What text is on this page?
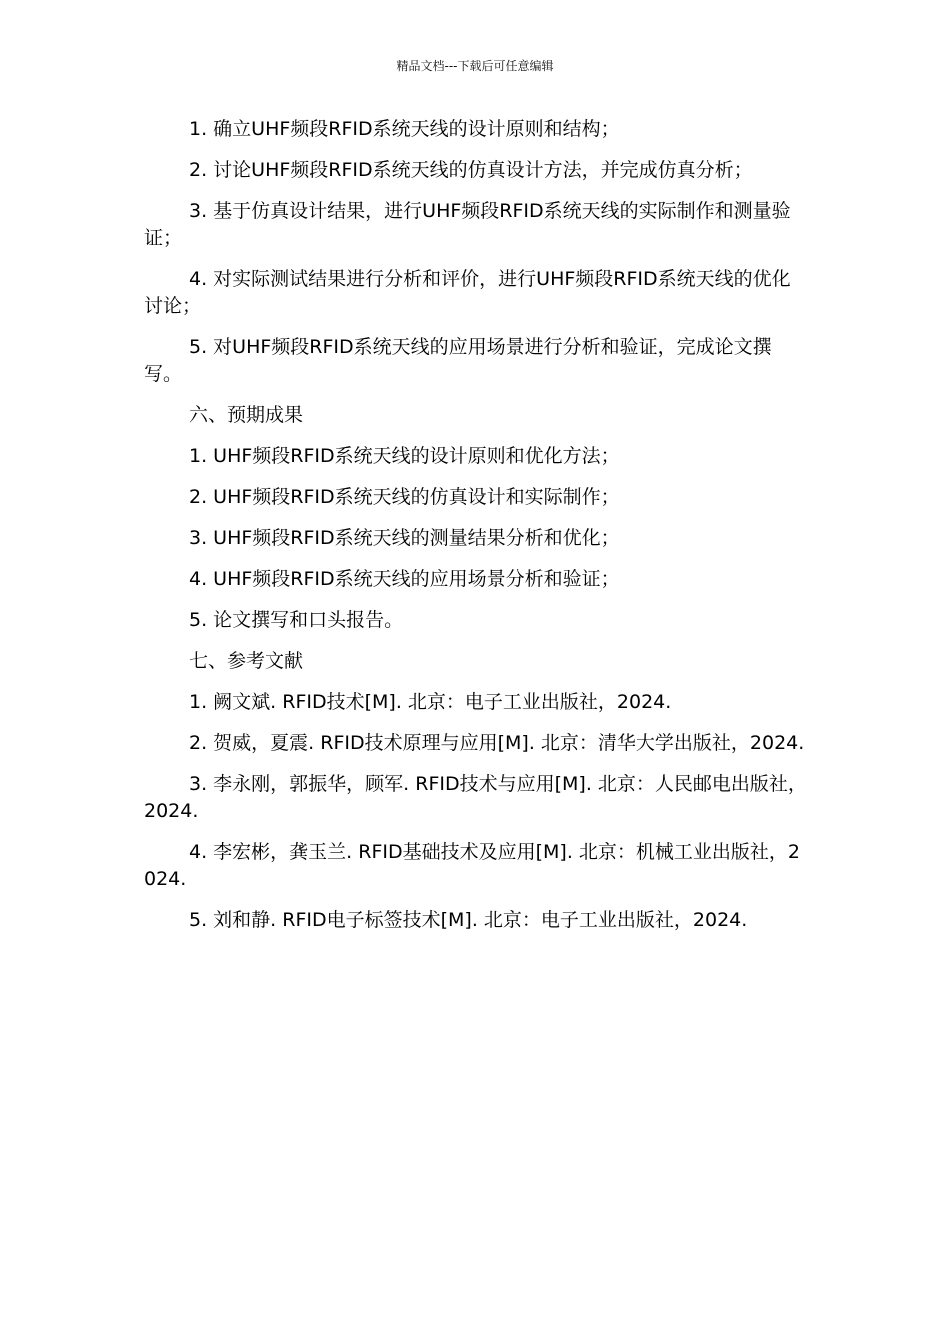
精品文档---下载后可任意编辑

1. 确立UHF频段RFID系统天线的设计原则和结构；

2. 讨论UHF频段RFID系统天线的仿真设计方法，并完成仿真分析；

3. 基于仿真设计结果，进行UHF频段RFID系统天线的实际制作和测量验证；

4. 对实际测试结果进行分析和评价，进行UHF频段RFID系统天线的优化讨论；

5. 对UHF频段RFID系统天线的应用场景进行分析和验证，完成论文撰写。

六、预期成果

1. UHF频段RFID系统天线的设计原则和优化方法；

2. UHF频段RFID系统天线的仿真设计和实际制作；

3. UHF频段RFID系统天线的测量结果分析和优化；

4. UHF频段RFID系统天线的应用场景分析和验证；

5. 论文撰写和口头报告。

七、参考文献

1. 阙文斌. RFID技术[M]. 北京：电子工业出版社，2024.

2. 贺威，夏震. RFID技术原理与应用[M]. 北京：清华大学出版社，2024.

3. 李永刚，郭振华，顾军. RFID技术与应用[M]. 北京：人民邮电出版社，2024.

4. 李宏彬，龚玉兰. RFID基础技术及应用[M]. 北京：机械工业出版社，2024.

5. 刘和静. RFID电子标签技术[M]. 北京：电子工业出版社，2024.
